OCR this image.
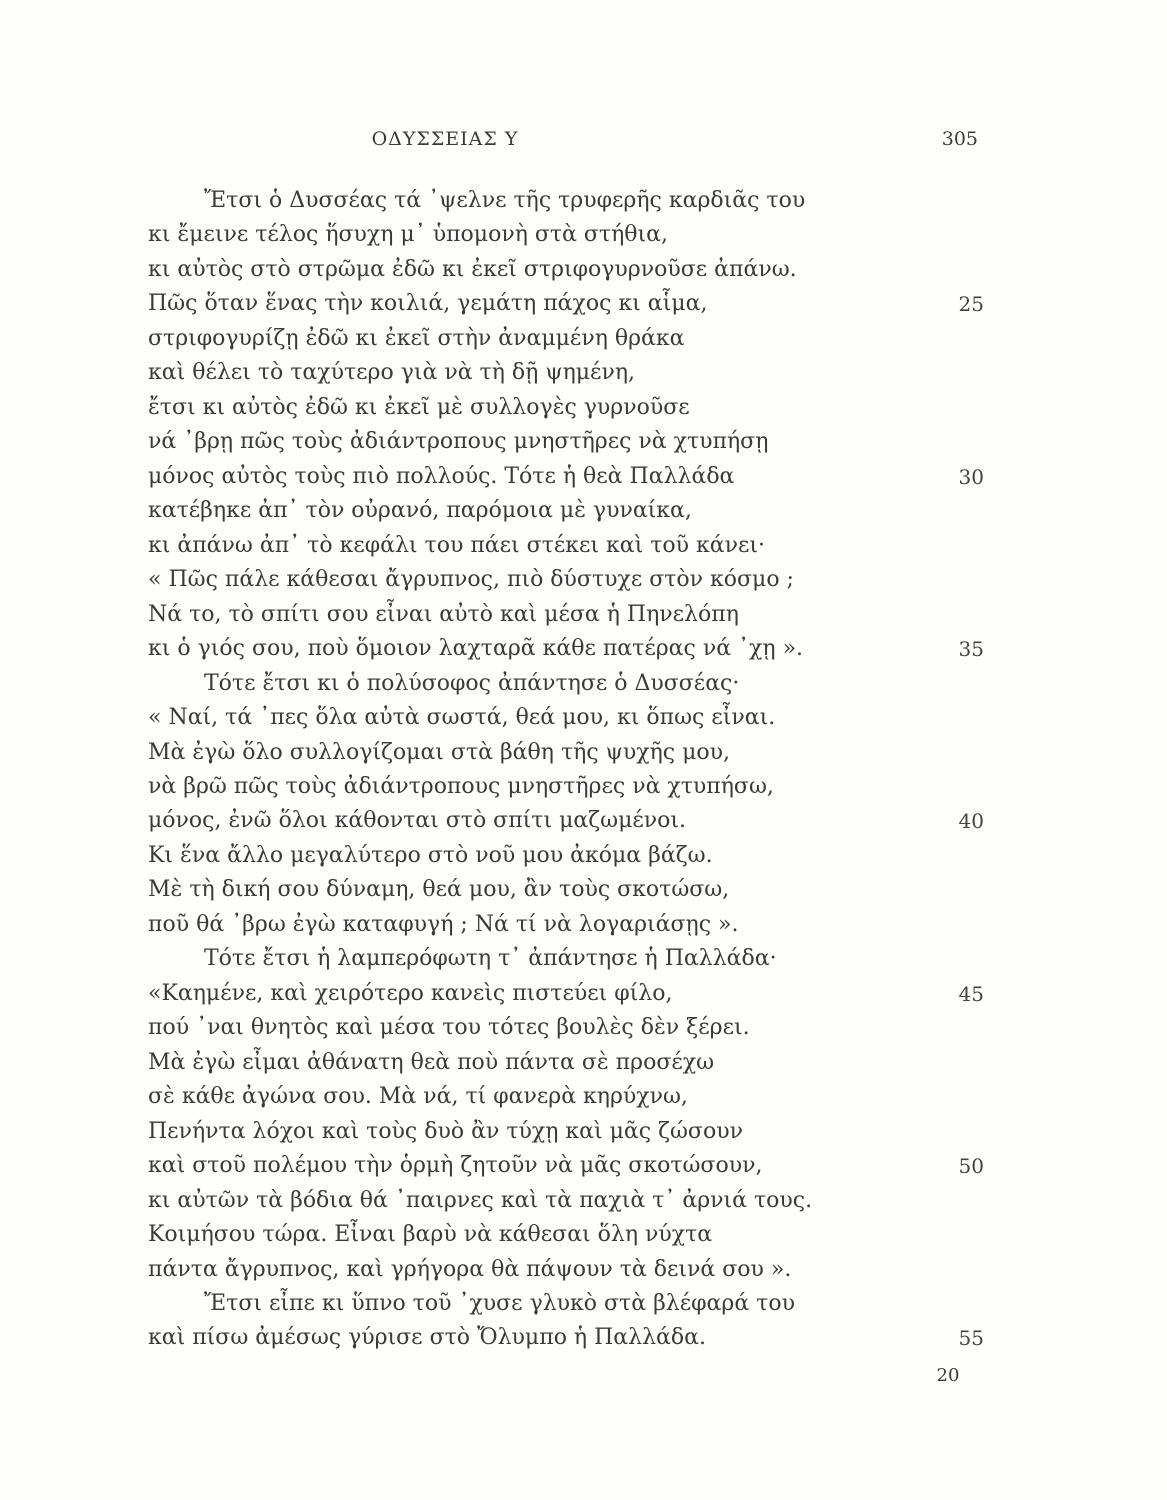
ΟΔΥΣΣΕΙΑΣ Υ	305
Ἔτσι ὁ Δυσσέας τά ᾽ψελνε τῆς τρυφερῆς καρδιᾶς του
κι ἔμεινε τέλος ἥσυχη μ᾽ ὑπομονὴ στὰ στήθια,
κι αὐτὸς στὸ στρῶμα ἐδῶ κι ἐκεῖ στριφογυρνοῦσε ἀπάνω.
Πῶς ὅταν ἕνας τὴν κοιλιά, γεμάτη πάχος κι αἷμα,	25
στριφογυρίζῃ ἐδῶ κι ἐκεῖ στὴν ἀναμμένη θράκα
καὶ θέλει τὸ ταχύτερο γιὰ νὰ τὴ δῇ ψημένη,
ἔτσι κι αὐτὸς ἐδῶ κι ἐκεῖ μὲ συλλογὲς γυρνοῦσε
νά ᾽βρῃ πῶς τοὺς ἀδιάντροπους μνηστῆρες νὰ χτυπήσῃ
μόνος αὐτὸς τοὺς πιὸ πολλούς. Τότε ἡ θεὰ Παλλάδα	30
κατέβηκε ἀπ᾽ τὸν οὐρανό, παρόμοια μὲ γυναίκα,
κι ἀπάνω ἀπ᾽ τὸ κεφάλι του πάει στέκει καὶ τοῦ κάνει·
« Πῶς πάλε κάθεσαι ἄγρυπνος, πιὸ δύστυχε στὸν κόσμο ;
Νά το, τὸ σπίτι σου εἶναι αὐτὸ καὶ μέσα ἡ Πηνελόπη
κι ὁ γιός σου, ποὺ ὅμοιον λαχταρᾶ κάθε πατέρας νά ᾽χῃ ».	35
Τότε ἔτσι κι ὁ πολύσοφος ἀπάντησε ὁ Δυσσέας·
« Ναί, τά ᾽πες ὅλα αὐτὰ σωστά, θεά μου, κι ὅπως εἶναι.
Μὰ ἐγὼ ὅλο συλλογίζομαι στὰ βάθη τῆς ψυχῆς μου,
νὰ βρῶ πῶς τοὺς ἀδιάντροπους μνηστῆρες νὰ χτυπήσω,
μόνος, ἐνῶ ὅλοι κάθονται στὸ σπίτι μαζωμένοι.	40
Κι ἕνα ἄλλο μεγαλύτερο στὸ νοῦ μου ἀκόμα βάζω.
Μὲ τὴ δική σου δύναμη, θεά μου, ἂν τοὺς σκοτώσω,
ποῦ θά ᾽βρω ἐγὼ καταφυγή ; Νά τί νὰ λογαριάσῃς ».
Τότε ἔτσι ἡ λαμπερόφωτη τ᾽ ἀπάντησε ἡ Παλλάδα·
«Καημένε, καὶ χειρότερο κανεὶς πιστεύει φίλο,	45
πού ᾽ναι θνητὸς καὶ μέσα του τότες βουλὲς δὲν ξέρει.
Μὰ ἐγὼ εἶμαι ἀθάνατη θεὰ ποὺ πάντα σὲ προσέχω
σὲ κάθε ἀγώνα σου. Μὰ νά, τί φανερὰ κηρύχνω,
Πενήντα λόχοι καὶ τοὺς δυὸ ἂν τύχῃ καὶ μᾶς ζώσουν
καὶ στοῦ πολέμου τὴν ὁρμὴ ζητοῦν νὰ μᾶς σκοτώσουν,	50
κι αὐτῶν τὰ βόδια θά ᾽παιρνες καὶ τὰ παχιὰ τ᾽ ἀρνιά τους.
Κοιμήσου τώρα. Εἶναι βαρὺ νὰ κάθεσαι ὅλη νύχτα
πάντα ἄγρυπνος, καὶ γρήγορα θὰ πάψουν τὰ δεινά σου ».
Ἔτσι εἶπε κι ὕπνο τοῦ ᾽χυσε γλυκὸ στὰ βλέφαρά του
καὶ πίσω ἀμέσως γύρισε στὸ Ὄλυμπο ἡ Παλλάδα.	55
20
